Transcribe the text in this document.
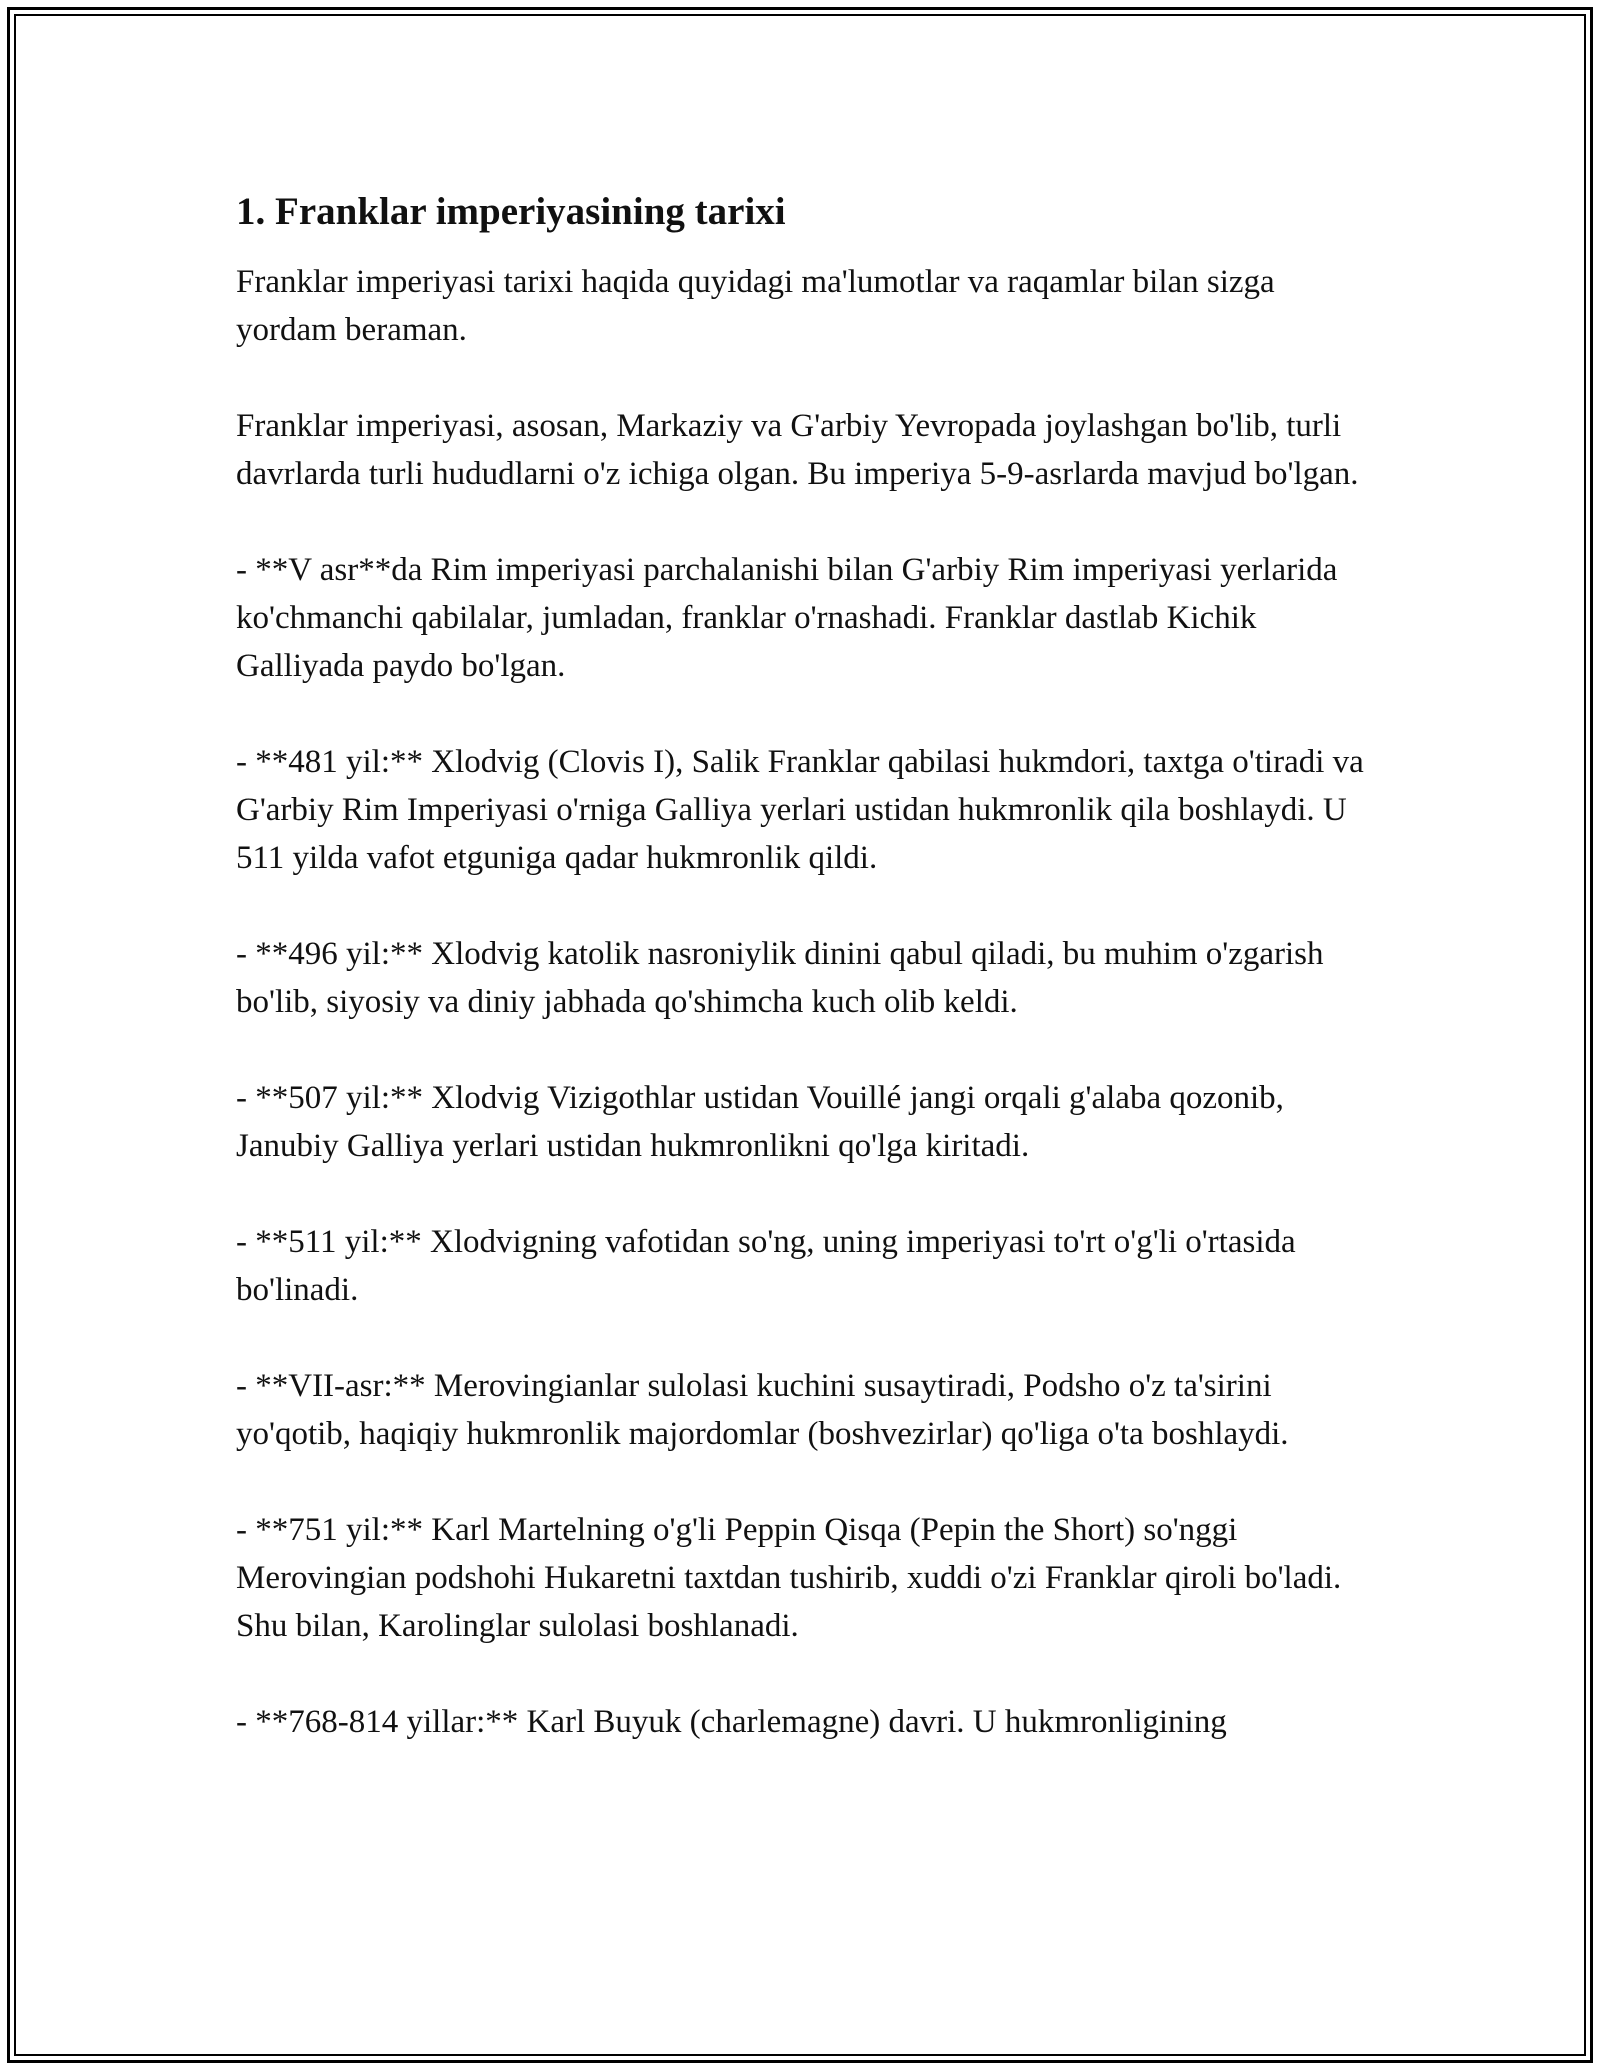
1. Franklar imperiyasining tarixi

Franklar imperiyasi tarixi haqida quyidagi ma'lumotlar va raqamlar bilan sizga yordam beraman.

Franklar imperiyasi, asosan, Markaziy va G'arbiy Yevropada joylashgan bo'lib, turli davrlarda turli hududlarni o'z ichiga olgan. Bu imperiya 5-9-asrlarda mavjud bo'lgan.

- **V asr**da Rim imperiyasi parchalanishi bilan G'arbiy Rim imperiyasi yerlarida ko'chmanchi qabilalar, jumladan, franklar o'rnashadi. Franklar dastlab Kichik Galliyada paydo bo'lgan.

- **481 yil:** Xlodvig (Clovis I), Salik Franklar qabilasi hukmdori, taxtga o'tiradi va G'arbiy Rim Imperiyasi o'rniga Galliya yerlari ustidan hukmronlik qila boshlaydi. U 511 yilda vafot etguniga qadar hukmronlik qildi.

- **496 yil:** Xlodvig katolik nasroniylik dinini qabul qiladi, bu muhim o'zgarish bo'lib, siyosiy va diniy jabhada qo'shimcha kuch olib keldi.

- **507 yil:** Xlodvig Vizigothlar ustidan Vouillé jangi orqali g'alaba qozonib, Janubiy Galliya yerlari ustidan hukmronlikni qo'lga kiritadi.

- **511 yil:** Xlodvigning vafotidan so'ng, uning imperiyasi to'rt o'g'li o'rtasida bo'linadi.

- **VII-asr:** Merovingianlar sulolasi kuchini susaytiradi, Podsho o'z ta'sirini yo'qotib, haqiqiy hukmronlik majordomlar (boshvezirlar) qo'liga o'ta boshlaydi.

- **751 yil:** Karl Martelning o'g'li Peppin Qisqa (Pepin the Short) so'nggi Merovingian podshohi Hukaretni taxtdan tushirib, xuddi o'zi Franklar qiroli bo'ladi. Shu bilan, Karolinglar sulolasi boshlanadi.

- **768-814 yillar:** Karl Buyuk (charlemagne) davri. U hukmronligining
